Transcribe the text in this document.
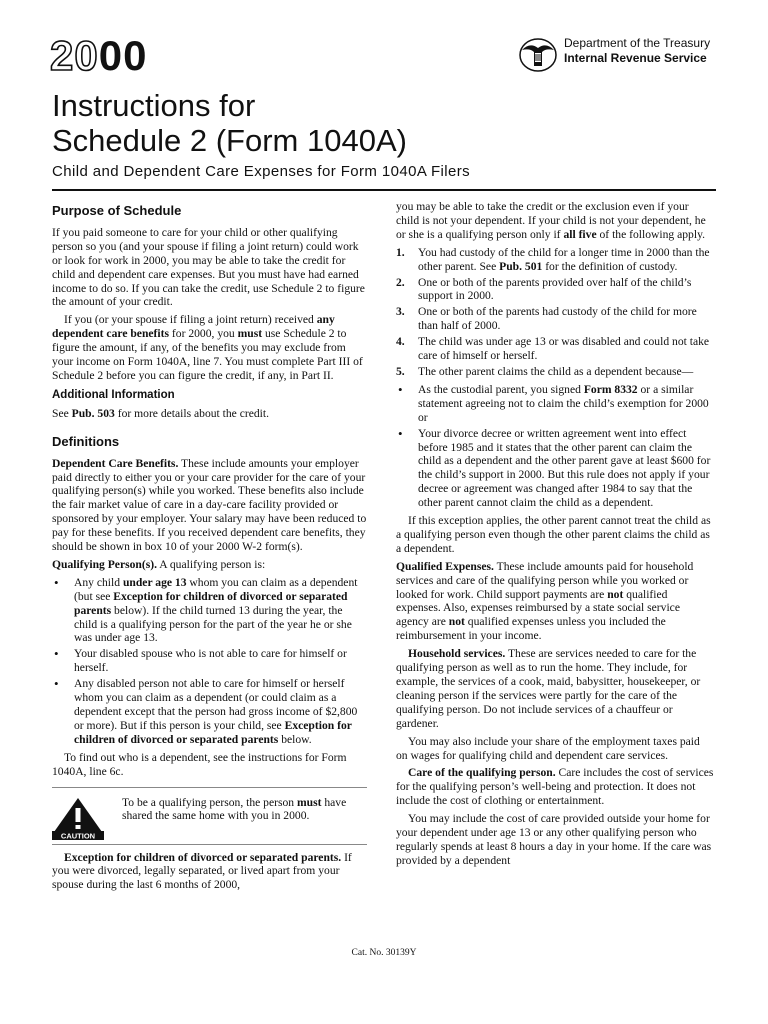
2000	Department of the Treasury
Internal Revenue Service
Instructions for
Schedule 2 (Form 1040A)
Child and Dependent Care Expenses for Form 1040A Filers
Purpose of Schedule

If you paid someone to care for your child or other qualifying person so you (and your spouse if filing a joint return) could work or look for work in 2000, you may be able to take the credit for child and dependent care expenses. But you must have had earned income to do so. If you can take the credit, use Schedule 2 to figure the amount of your credit.

If you (or your spouse if filing a joint return) received any dependent care benefits for 2000, you must use Schedule 2 to figure the amount, if any, of the benefits you may exclude from your income on Form 1040A, line 7. You must complete Part III of Schedule 2 before you can figure the credit, if any, in Part II.

Additional Information

See Pub. 503 for more details about the credit.

Definitions

Dependent Care Benefits. These include amounts your employer paid directly to either you or your care provider for the care of your qualifying person(s) while you worked. These benefits also include the fair market value of care in a day-care facility provided or sponsored by your employer. Your salary may have been reduced to pay for these benefits. If you received dependent care benefits, they should be shown in box 10 of your 2000 W-2 form(s).

Qualifying Person(s). A qualifying person is:

• Any child under age 13 whom you can claim as a dependent (but see Exception for children of divorced or separated parents below). If the child turned 13 during the year, the child is a qualifying person for the part of the year he or she was under age 13.
• Your disabled spouse who is not able to care for himself or herself.
• Any disabled person not able to care for himself or herself whom you can claim as a dependent (or could claim as a dependent except that the person had gross income of $2,800 or more). But if this person is your child, see Exception for children of divorced or separated parents below.

To find out who is a dependent, see the instructions for Form 1040A, line 6c.

CAUTION
To be a qualifying person, the person must have shared the same home with you in 2000.

Exception for children of divorced or separated parents. If you were divorced, legally separated, or lived apart from your spouse during the last 6 months of 2000,

you may be able to take the credit or the exclusion even if your child is not your dependent. If your child is not your dependent, he or she is a qualifying person only if all five of the following apply.

1. You had custody of the child for a longer time in 2000 than the other parent. See Pub. 501 for the definition of custody.
2. One or both of the parents provided over half of the child’s support in 2000.
3. One or both of the parents had custody of the child for more than half of 2000.
4. The child was under age 13 or was disabled and could not take care of himself or herself.
5. The other parent claims the child as a dependent because—
• As the custodial parent, you signed Form 8332 or a similar statement agreeing not to claim the child’s exemption for 2000 or
• Your divorce decree or written agreement went into effect before 1985 and it states that the other parent can claim the child as a dependent and the other parent gave at least $600 for the child’s support in 2000. But this rule does not apply if your decree or agreement was changed after 1984 to say that the other parent cannot claim the child as a dependent.

If this exception applies, the other parent cannot treat the child as a qualifying person even though the other parent claims the child as a dependent.

Qualified Expenses. These include amounts paid for household services and care of the qualifying person while you worked or looked for work. Child support payments are not qualified expenses. Also, expenses reimbursed by a state social service agency are not qualified expenses unless you included the reimbursement in your income.

Household services. These are services needed to care for the qualifying person as well as to run the home. They include, for example, the services of a cook, maid, babysitter, housekeeper, or cleaning person if the services were partly for the care of the qualifying person. Do not include services of a chauffeur or gardener.

You may also include your share of the employment taxes paid on wages for qualifying child and dependent care services.

Care of the qualifying person. Care includes the cost of services for the qualifying person’s well-being and protection. It does not include the cost of clothing or entertainment.

You may include the cost of care provided outside your home for your dependent under age 13 or any other qualifying person who regularly spends at least 8 hours a day in your home. If the care was provided by a dependent

Cat. No. 30139Y
